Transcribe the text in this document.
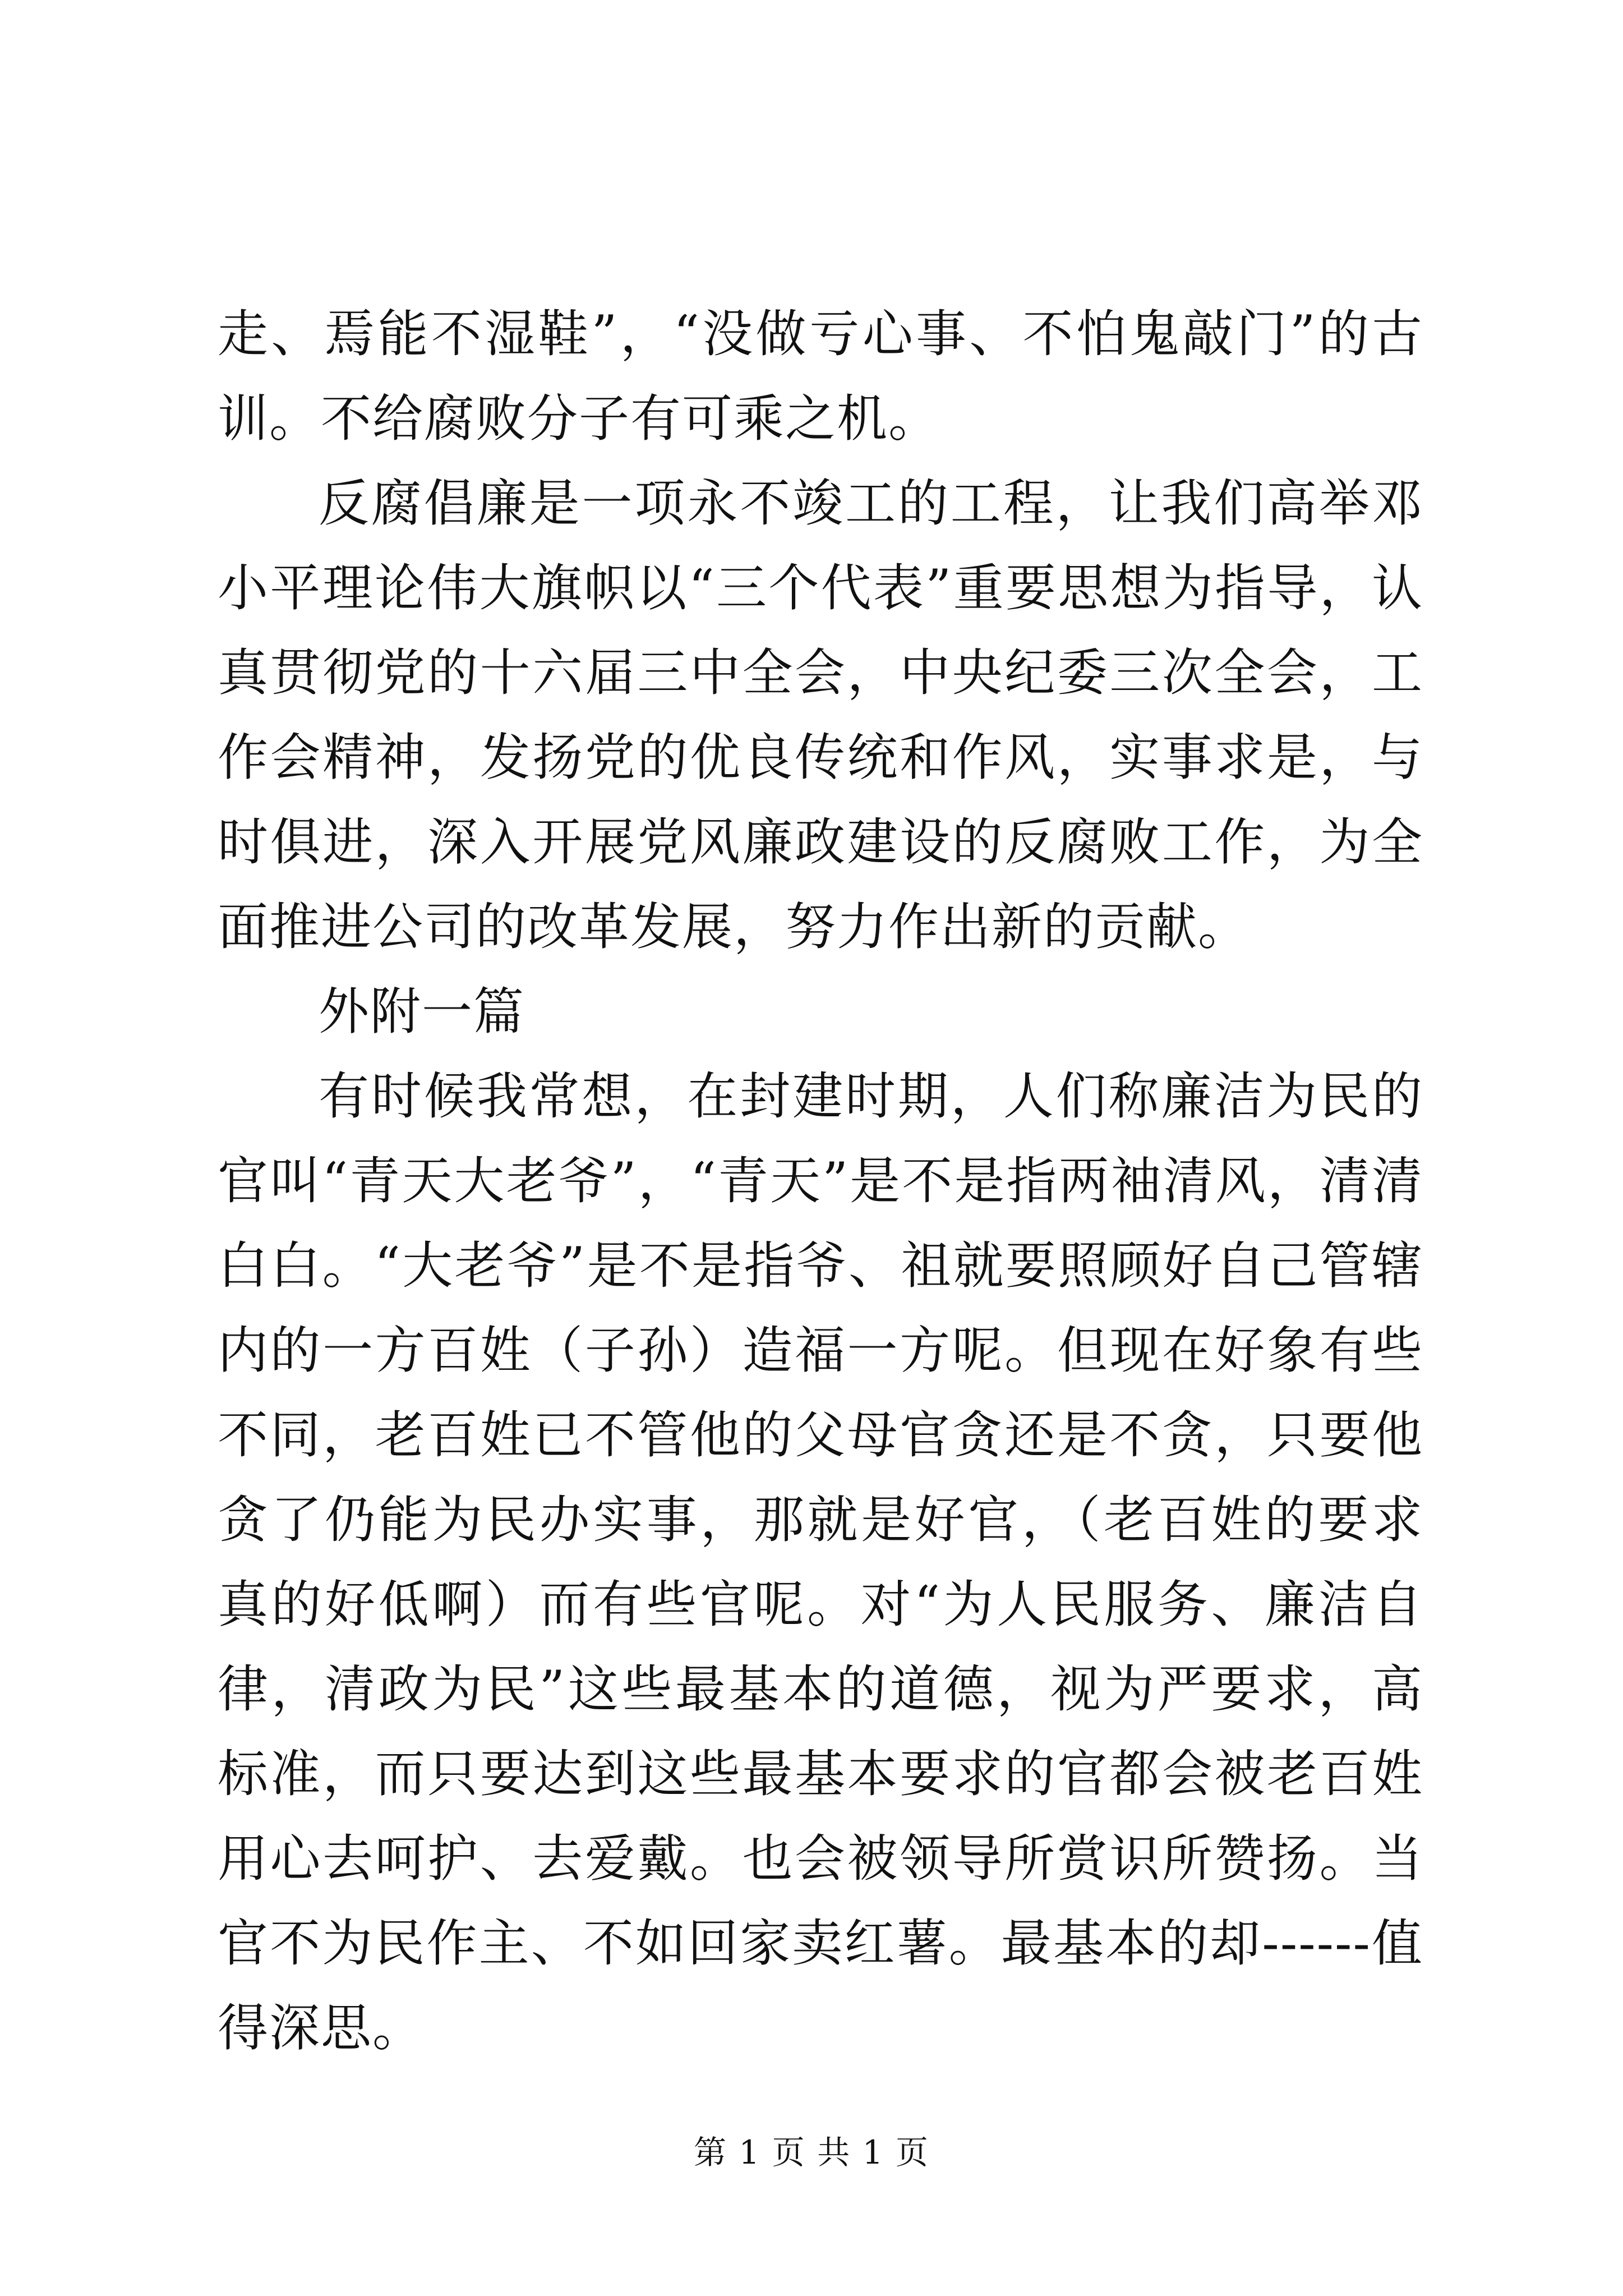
走、焉能不湿鞋”，“没做亏心事、不怕鬼敲门”的古训。不给腐败分子有可乘之机。

反腐倡廉是一项永不竣工的工程，让我们高举邓小平理论伟大旗帜以“三个代表”重要思想为指导，认真贯彻党的十六届三中全会，中央纪委三次全会，工作会精神，发扬党的优良传统和作风，实事求是，与时俱进，深入开展党风廉政建设的反腐败工作，为全面推进公司的改革发展，努力作出新的贡献。

外附一篇

有时候我常想，在封建时期，人们称廉洁为民的官叫“青天大老爷”，“青天”是不是指两袖清风，清清白白。“大老爷”是不是指爷、祖就要照顾好自己管辖内的一方百姓（子孙）造福一方呢。但现在好象有些不同，老百姓已不管他的父母官贪还是不贪，只要他贪了仍能为民办实事，那就是好官，（老百姓的要求真的好低啊）而有些官呢。对“为人民服务、廉洁自律，清政为民”这些最基本的道德，视为严要求，高标准，而只要达到这些最基本要求的官都会被老百姓用心去呵护、去爱戴。也会被领导所赏识所赞扬。当官不为民作主、不如回家卖红薯。最基本的却------值得深思。

第 1 页 共 1 页
